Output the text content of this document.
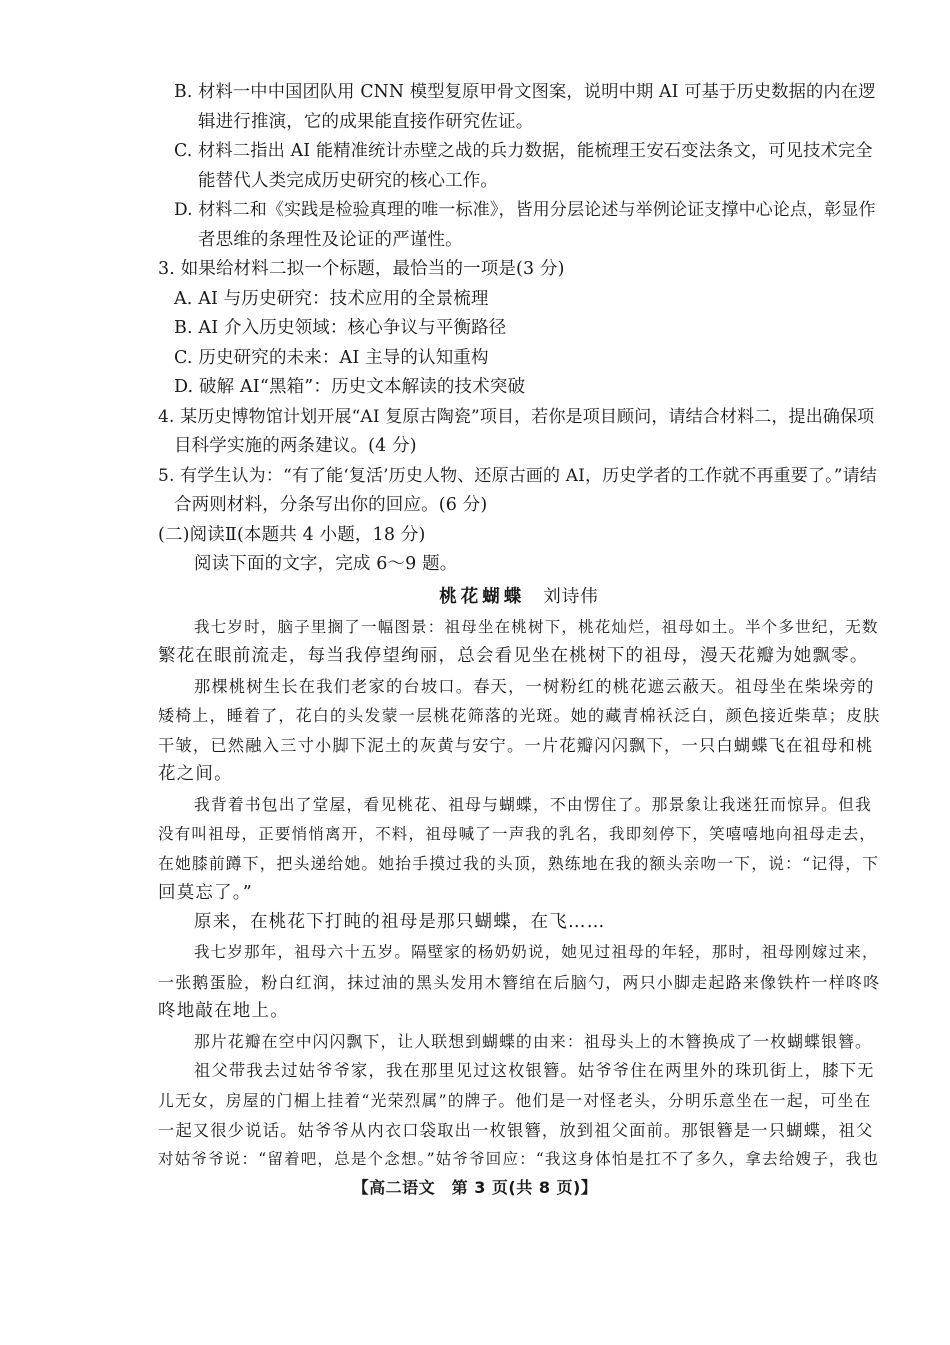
B. 材料一中中国团队用 CNN 模型复原甲骨文图案，说明中期 AI 可基于历史数据的内在逻
辑进行推演，它的成果能直接作研究佐证。
C. 材料二指出 AI 能精准统计赤壁之战的兵力数据，能梳理王安石变法条文，可见技术完全
能替代人类完成历史研究的核心工作。
D. 材料二和《实践是检验真理的唯一标准》，皆用分层论述与举例论证支撑中心论点，彰显作
者思维的条理性及论证的严谨性。
3. 如果给材料二拟一个标题，最恰当的一项是(3 分)
A. AI 与历史研究：技术应用的全景梳理
B. AI 介入历史领域：核心争议与平衡路径
C. 历史研究的未来：AI 主导的认知重构
D. 破解 AI“黑箱”：历史文本解读的技术突破
4. 某历史博物馆计划开展“AI 复原古陶瓷”项目，若你是项目顾问，请结合材料二，提出确保项
目科学实施的两条建议。(4 分)
5. 有学生认为：“有了能‘复活’历史人物、还原古画的 AI，历史学者的工作就不再重要了。”请结
合两则材料，分条写出你的回应。(6 分)
(二)阅读Ⅱ(本题共 4 小题，18 分)
阅读下面的文字，完成 6～9 题。
桃花蝴蝶 刘诗伟
我七岁时，脑子里搁了一幅图景：祖母坐在桃树下，桃花灿烂，祖母如土。半个多世纪，无数
繁花在眼前流走，每当我停望绚丽，总会看见坐在桃树下的祖母，漫天花瓣为她飘零。
那棵桃树生长在我们老家的台坡口。春天，一树粉红的桃花遮云蔽天。祖母坐在柴垛旁的
矮椅上，睡着了，花白的头发蒙一层桃花筛落的光斑。她的藏青棉袄泛白，颜色接近柴草；皮肤
干皱，已然融入三寸小脚下泥土的灰黄与安宁。一片花瓣闪闪飘下，一只白蝴蝶飞在祖母和桃
花之间。
我背着书包出了堂屋，看见桃花、祖母与蝴蝶，不由愣住了。那景象让我迷狂而惊异。但我
没有叫祖母，正要悄悄离开，不料，祖母喊了一声我的乳名，我即刻停下，笑嘻嘻地向祖母走去，
在她膝前蹲下，把头递给她。她抬手摸过我的头顶，熟练地在我的额头亲吻一下，说：“记得，下
回莫忘了。”
原来，在桃花下打盹的祖母是那只蝴蝶，在飞……
我七岁那年，祖母六十五岁。隔壁家的杨奶奶说，她见过祖母的年轻，那时，祖母刚嫁过来，
一张鹅蛋脸，粉白红润，抹过油的黑头发用木簪绾在后脑勺，两只小脚走起路来像铁杵一样咚咚
咚地敲在地上。
那片花瓣在空中闪闪飘下，让人联想到蝴蝶的由来：祖母头上的木簪换成了一枚蝴蝶银簪。
祖父带我去过姑爷爷家，我在那里见过这枚银簪。姑爷爷住在两里外的珠玑街上，膝下无
儿无女，房屋的门楣上挂着“光荣烈属”的牌子。他们是一对怪老头，分明乐意坐在一起，可坐在
一起又很少说话。姑爷爷从内衣口袋取出一枚银簪，放到祖父面前。那银簪是一只蝴蝶，祖父
对姑爷爷说：“留着吧，总是个念想。”姑爷爷回应：“我这身体怕是扛不了多久，拿去给嫂子，我也
【高二语文　第 3 页(共 8 页)】
